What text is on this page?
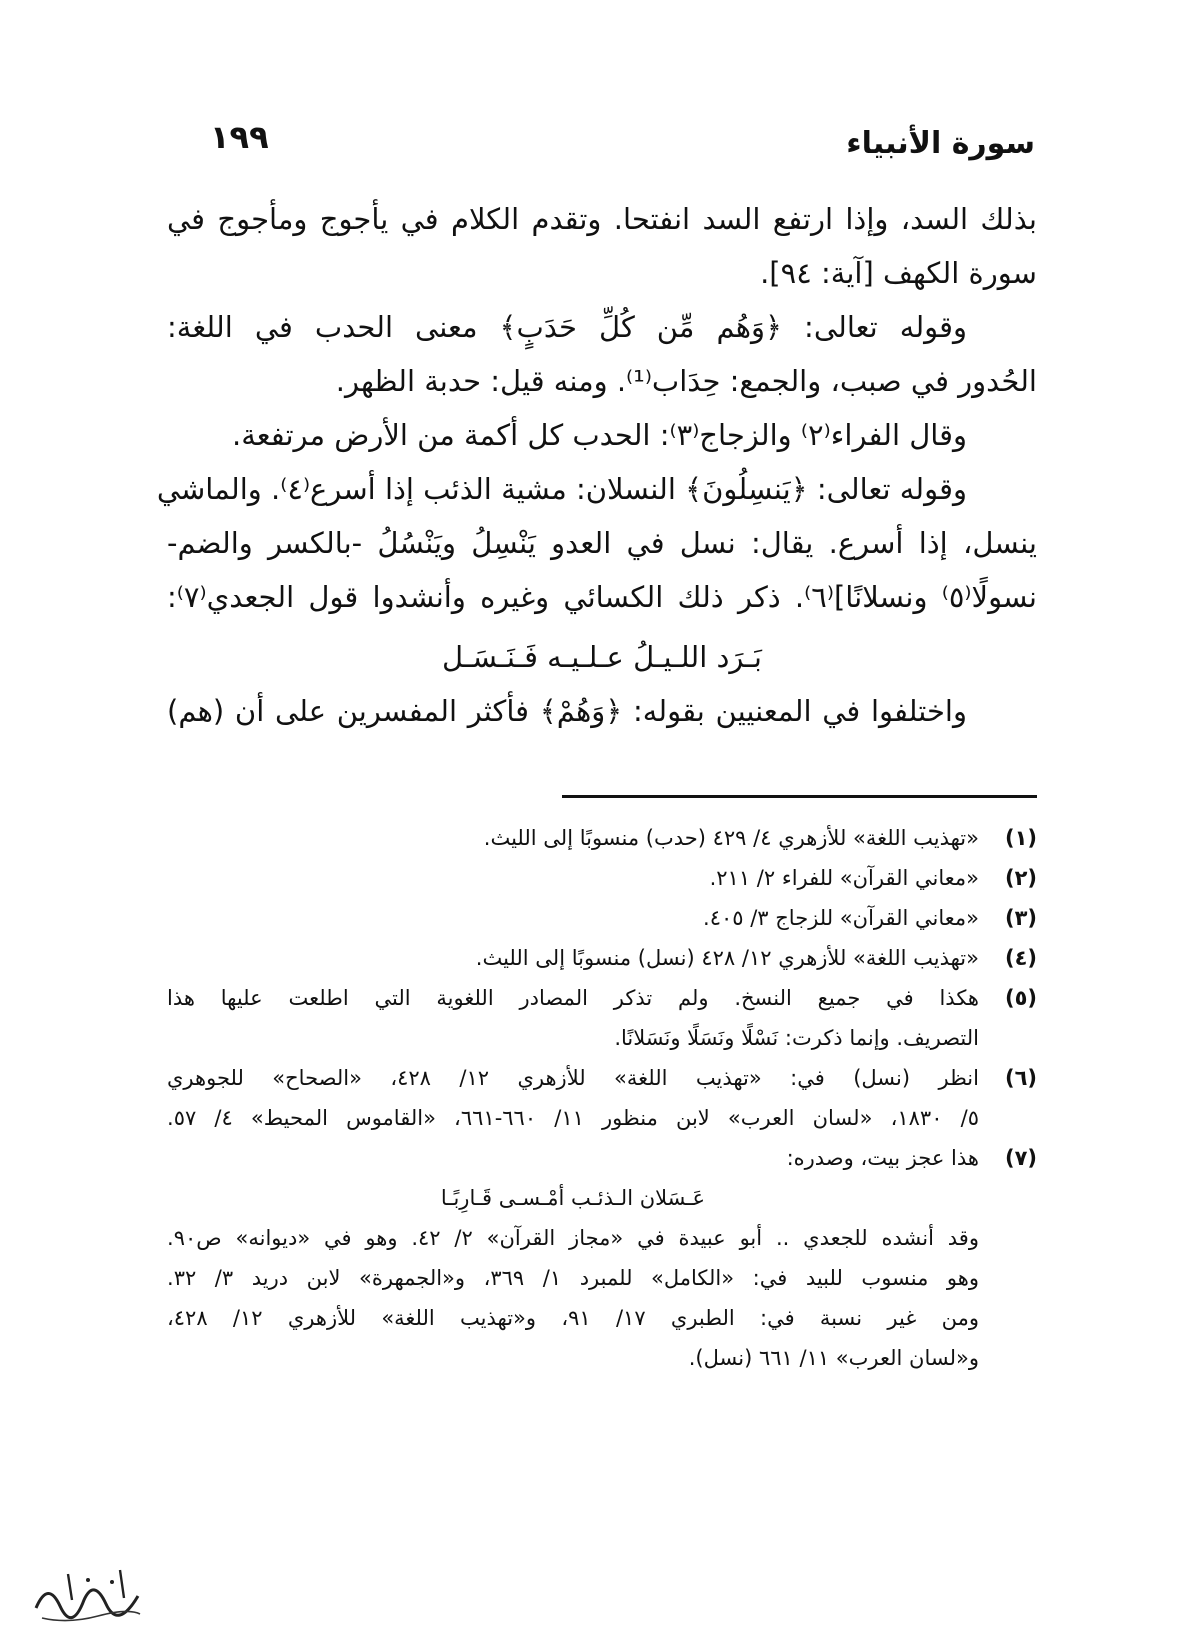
سورة الأنبياء
١٩٩
بذلك السد، وإذا ارتفع السد انفتحا. وتقدم الكلام في يأجوج ومأجوج في
سورة الكهف [آية: ٩٤].
وقوله تعالى: ﴿وَهُم مِّن كُلِّ حَدَبٍ﴾ معنى الحدب في اللغة:
الحُدور في صبب، والجمع: حِدَاب⁽¹⁾. ومنه قيل: حدبة الظهر.
وقال الفراء⁽٢⁾ والزجاج⁽٣⁾: الحدب كل أكمة من الأرض مرتفعة.
وقوله تعالى: ﴿يَنسِلُونَ﴾ النسلان: مشية الذئب إذا أسرع⁽٤⁾. والماشي
ينسل، إذا أسرع. يقال: نسل في العدو يَنْسِلُ ويَنْسُلُ -بالكسر والضم-
نسولًا⁽٥⁾ ونسلانًا]⁽٦⁾. ذكر ذلك الكسائي وغيره وأنشدوا قول الجعدي⁽٧⁾:
بَـرَد اللـيـلُ عـلـيـه فَـنَـسَـل
واختلفوا في المعنيين بقوله: ﴿وَهُمْ﴾ فأكثر المفسرين على أن (هم)
(١)
«تهذيب اللغة» للأزهري ٤/ ٤٢٩ (حدب) منسوبًا إلى الليث.
(٢)
«معاني القرآن» للفراء ٢/ ٢١١.
(٣)
«معاني القرآن» للزجاج ٣/ ٤٠٥.
(٤)
«تهذيب اللغة» للأزهري ١٢/ ٤٢٨ (نسل) منسوبًا إلى الليث.
(٥)
هكذا في جميع النسخ. ولم تذكر المصادر اللغوية التي اطلعت عليها هذا
التصريف. وإنما ذكرت: نَسْلًا ونَسَلًا ونَسَلانًا.
(٦)
انظر (نسل) في: «تهذيب اللغة» للأزهري ١٢/ ٤٢٨، «الصحاح» للجوهري
٥/ ١٨٣٠، «لسان العرب» لابن منظور ١١/ ٦٦٠-٦٦١، «القاموس المحيط» ٤/ ٥٧.
(٧)
هذا عجز بيت، وصدره:
عَـسَلان الـذئـب أمْـسـى قَـارِبًـا
وقد أنشده للجعدي .. أبو عبيدة في «مجاز القرآن» ٢/ ٤٢. وهو في «ديوانه» ص٩٠.
وهو منسوب للبيد في: «الكامل» للمبرد ١/ ٣٦٩، و«الجمهرة» لابن دريد ٣/ ٣٢.
ومن غير نسبة في: الطبري ١٧/ ٩١، و«تهذيب اللغة» للأزهري ١٢/ ٤٢٨،
و«لسان العرب» ١١/ ٦٦١ (نسل).
